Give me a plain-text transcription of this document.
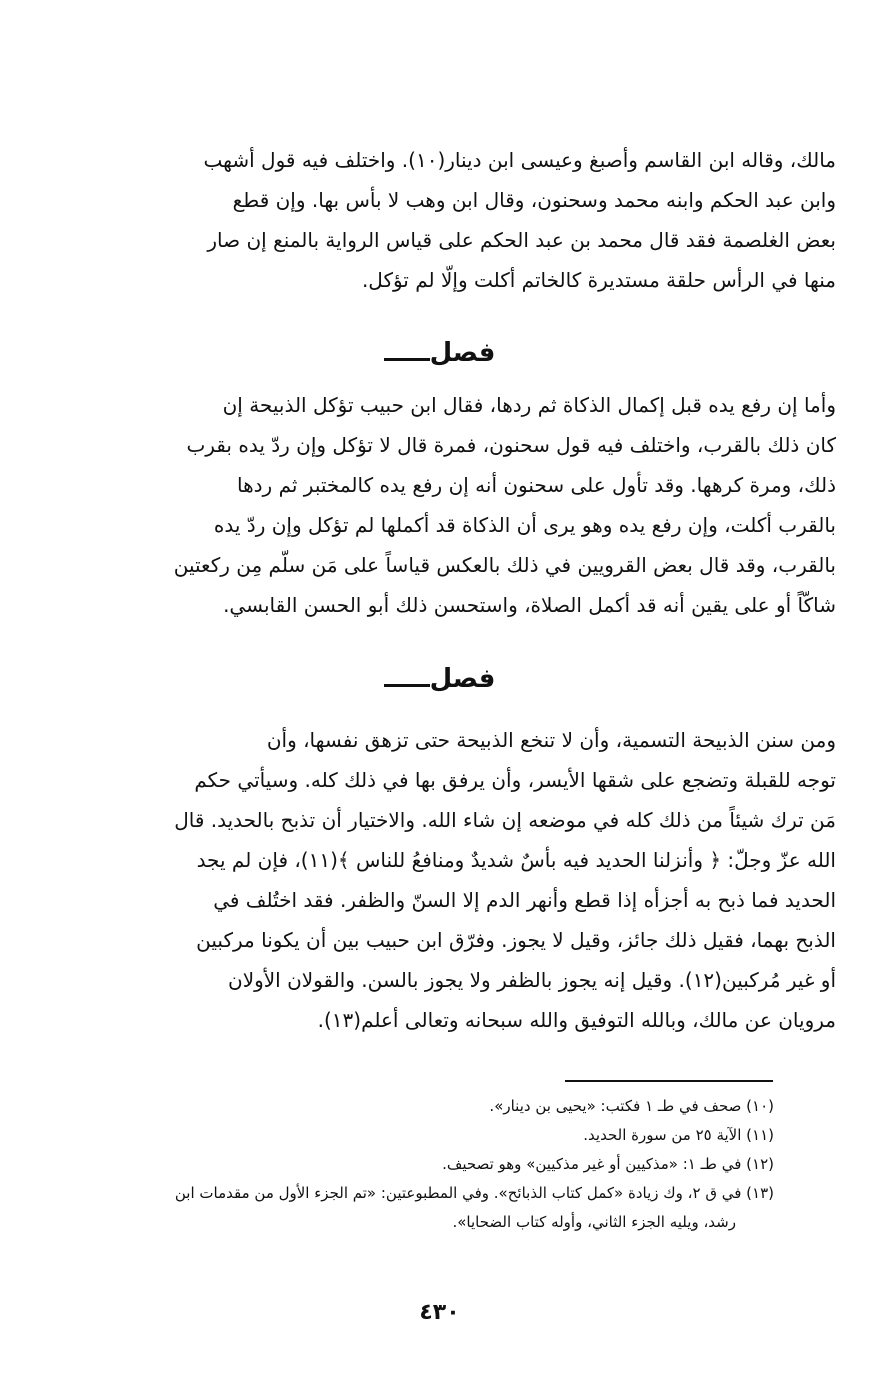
مالك، وقاله ابن القاسم وأصبغ وعيسى ابن دينار(١٠). واختلف فيه قول أشهب
وابن عبد الحكم وابنه محمد وسحنون، وقال ابن وهب لا بأس بها. وإن قطع
بعض الغلصمة فقد قال محمد بن عبد الحكم على قياس الرواية بالمنع إن صار
منها في الرأس حلقة مستديرة كالخاتم أكلت وإلّا لم تؤكل.
فصل
وأما إن رفع يده قبل إكمال الذكاة ثم ردها، فقال ابن حبيب تؤكل الذبيحة إن
كان ذلك بالقرب، واختلف فيه قول سحنون، فمرة قال لا تؤكل وإن ردّ يده بقرب
ذلك، ومرة كرهها. وقد تأول على سحنون أنه إن رفع يده كالمختبر ثم ردها
بالقرب أكلت، وإن رفع يده وهو يرى أن الذكاة قد أكملها لم تؤكل وإن ردّ يده
بالقرب، وقد قال بعض القرويين في ذلك بالعكس قياساً على مَن سلّم مِن ركعتين
شاكّاً أو على يقين أنه قد أكمل الصلاة، واستحسن ذلك أبو الحسن القابسي.
فصل
ومن سنن الذبيحة التسمية، وأن لا تنخع الذبيحة حتى تزهق نفسها، وأن
توجه للقبلة وتضجع على شقها الأيسر، وأن يرفق بها في ذلك كله. وسيأتي حكم
مَن ترك شيئاً من ذلك كله في موضعه إن شاء الله. والاختيار أن تذبح بالحديد. قال
الله عزّ وجلّ: ﴿ وأنزلنا الحديد فيه بأسٌ شديدٌ ومنافعُ للناس ﴾(١١)، فإن لم يجد
الحديد فما ذبح به أجزأه إذا قطع وأنهر الدم إلا السنّ والظفر. فقد اختُلف في
الذبح بهما، فقيل ذلك جائز، وقيل لا يجوز. وفرّق ابن حبيب بين أن يكونا مركبين
أو غير مُركبين(١٢). وقيل إنه يجوز بالظفر ولا يجوز بالسن. والقولان الأولان
مرويان عن مالك، وبالله التوفيق والله سبحانه وتعالى أعلم(١٣).
(١٠) صحف في طـ ١ فكتب: «يحيى بن دينار».
(١١) الآية ٢٥ من سورة الحديد.
(١٢) في طـ ١: «مذكيين أو غير مذكيين» وهو تصحيف.
(١٣) في ق ٢، وك زيادة «كمل كتاب الذبائح». وفي المطبوعتين: «تم الجزء الأول من مقدمات ابن
رشد، ويليه الجزء الثاني، وأوله كتاب الضحايا».
٤٣٠
